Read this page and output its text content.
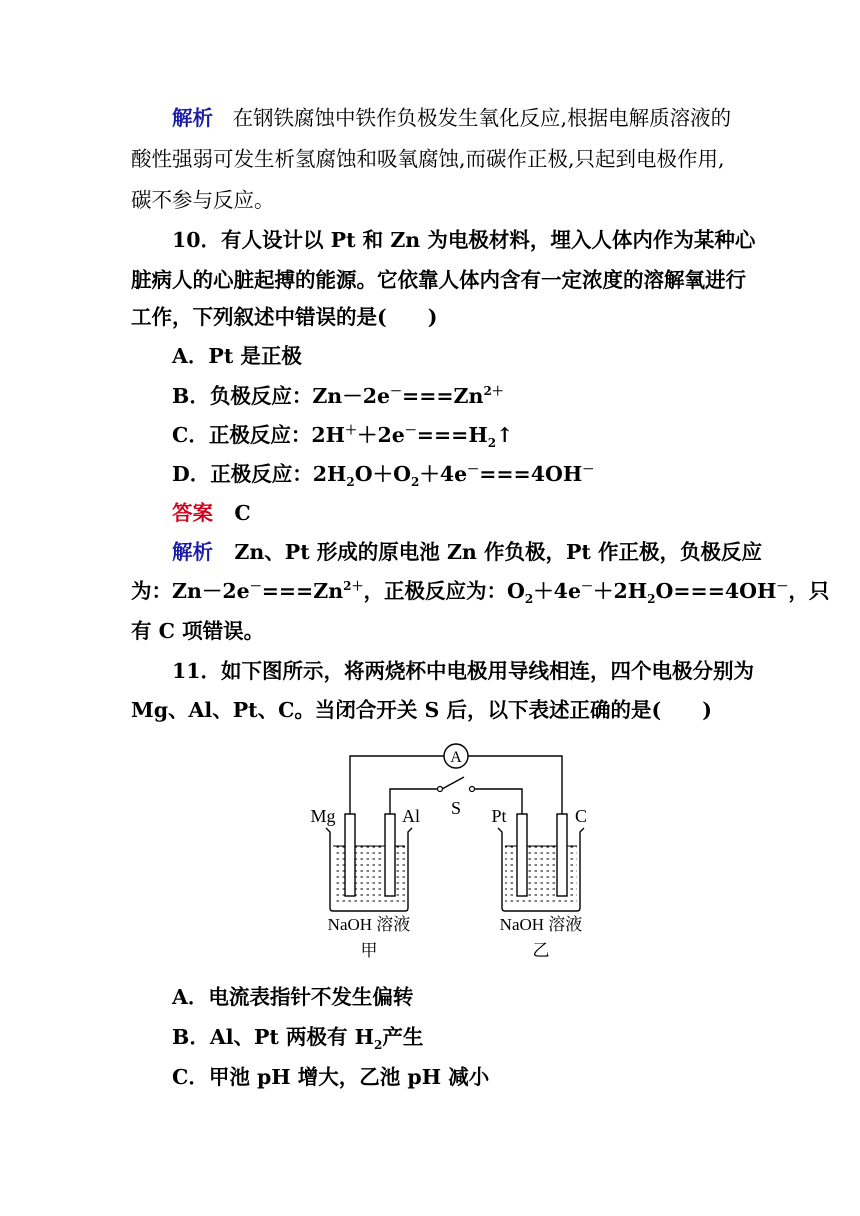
解析 在钢铁腐蚀中铁作负极发生氧化反应,根据电解质溶液的
酸性强弱可发生析氢腐蚀和吸氧腐蚀,而碳作正极,只起到电极作用,
碳不参与反应。
10．有人设计以 Pt 和 Zn 为电极材料，埋入人体内作为某种心
脏病人的心脏起搏的能源。它依靠人体内含有一定浓度的溶解氧进行
工作，下列叙述中错误的是(　　)
A．Pt 是正极
B．负极反应：$Zn-2e^-===Zn^{2+}$
C．正极反应：$2H^++2e^-===H_2↑$
D．正极反应：$2H_2O+O_2+4e^-===4OH^-$
答案 C
解析 Zn、Pt 形成的原电池 Zn 作负极，Pt 作正极，负极反应
为：$Zn-2e^-===Zn^{2+}$，正极反应为：$O_2+4e^-+2H_2O===4OH^-$，只
有 C 项错误。
11．如下图所示，将两烧杯中电极用导线相连，四个电极分别为
Mg、Al、Pt、C。当闭合开关 S 后，以下表述正确的是(　　)
A
S
Mg	Al	Pt	C
NaOH 溶液	NaOH 溶液
甲	乙
A．电流表指针不发生偏转
B．Al、Pt 两极有 $H_2$产生
C．甲池 pH 增大，乙池 pH 减小
